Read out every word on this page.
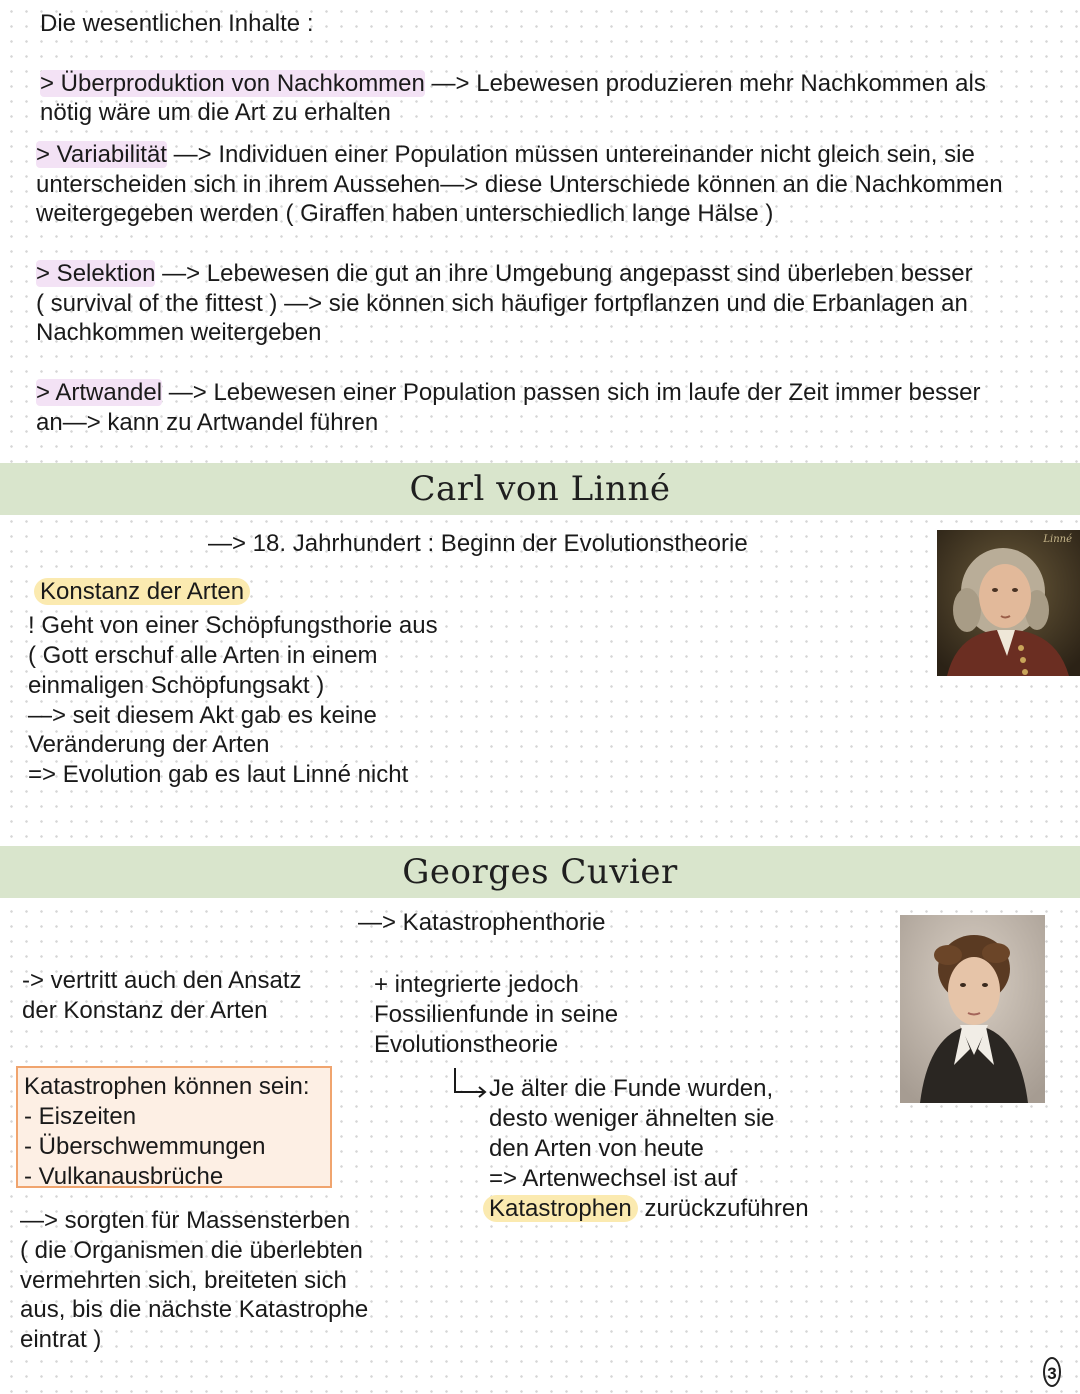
Die wesentlichen Inhalte :

> Überproduktion von Nachkommen —> Lebewesen produzieren mehr Nachkommen als

nötig wäre um die Art zu erhalten

> Variabilität —> Individuen einer Population müssen untereinander nicht gleich sein, sie

unterscheiden sich in ihrem Aussehen—> diese Unterschiede können an die Nachkommen

weitergegeben werden ( Giraffen haben unterschiedlich lange Hälse )

> Selektion —> Lebewesen die gut an ihre Umgebung angepasst sind überleben besser

( survival of the fittest ) —> sie können sich häufiger fortpflanzen und die Erbanlagen an

Nachkommen weitergeben

> Artwandel —> Lebewesen einer Population passen sich im laufe der Zeit immer besser

an—> kann zu Artwandel führen

Carl von Linné

—> 18. Jahrhundert : Beginn der Evolutionstheorie

Konstanz der Arten

! Geht von einer Schöpfungsthorie aus

( Gott erschuf alle Arten in einem

einmaligen Schöpfungsakt )

—> seit diesem Akt gab es keine

Veränderung der Arten

=> Evolution gab es laut Linné nicht

Linné
Georges Cuvier

—> Katastrophenthorie

-> vertritt auch den Ansatz

der Konstanz der Arten

+ integrierte jedoch

Fossilienfunde in seine

Evolutionstheorie

Katastrophen können sein:
- Eiszeiten
- Überschwemmungen
- Vulkanausbrüche

Je älter die Funde wurden,

desto weniger ähnelten sie

den Arten von heute

=> Artenwechsel ist auf

Katastrophen zurückzuführen

—> sorgten für Massensterben

( die Organismen die überlebten

vermehrten sich, breiteten sich

aus, bis die nächste Katastrophe

eintrat )

3
